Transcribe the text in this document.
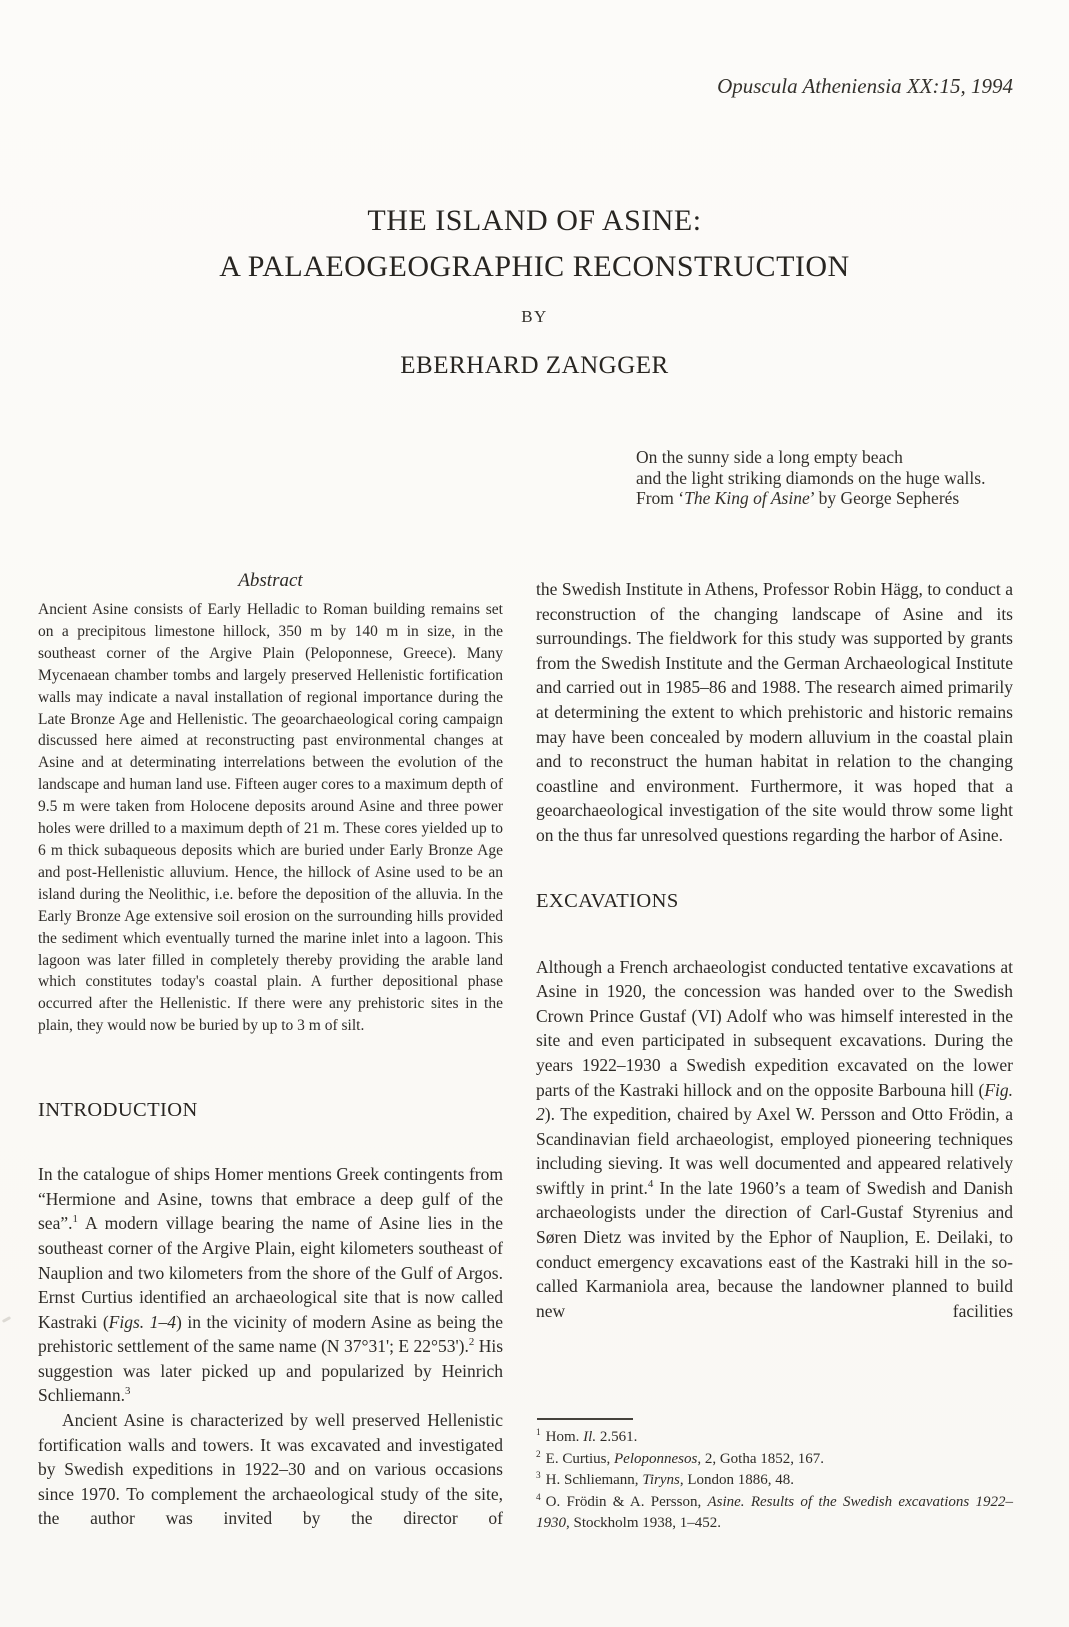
Opuscula Atheniensia XX:15, 1994
THE ISLAND OF ASINE:
A PALAEOGEOGRAPHIC RECONSTRUCTION
BY
EBERHARD ZANGGER
On the sunny side a long empty beach
and the light striking diamonds on the huge walls.
From ‘The King of Asine’ by George Sepherés
Abstract

Ancient Asine consists of Early Helladic to Roman building remains set on a precipitous limestone hillock, 350 m by 140 m in size, in the southeast corner of the Argive Plain (Peloponnese, Greece). Many Mycenaean chamber tombs and largely preserved Hellenistic fortification walls may indicate a naval installation of regional importance during the Late Bronze Age and Hellenistic. The geoarchaeological coring campaign discussed here aimed at reconstructing past environmental changes at Asine and at determinating interrelations between the evolution of the landscape and human land use. Fifteen auger cores to a maximum depth of 9.5 m were taken from Holocene deposits around Asine and three power holes were drilled to a maximum depth of 21 m. These cores yielded up to 6 m thick subaqueous deposits which are buried under Early Bronze Age and post-Hellenistic alluvium. Hence, the hillock of Asine used to be an island during the Neolithic, i.e. before the deposition of the alluvia. In the Early Bronze Age extensive soil erosion on the surrounding hills provided the sediment which eventually turned the marine inlet into a lagoon. This lagoon was later filled in completely thereby providing the arable land which constitutes today's coastal plain. A further depositional phase occurred after the Hellenistic. If there were any prehistoric sites in the plain, they would now be buried by up to 3 m of silt.

INTRODUCTION

In the catalogue of ships Homer mentions Greek contingents from “Hermione and Asine, towns that embrace a deep gulf of the sea”.$^1$ A modern village bearing the name of Asine lies in the southeast corner of the Argive Plain, eight kilometers southeast of Nauplion and two kilometers from the shore of the Gulf of Argos. Ernst Curtius identified an archaeological site that is now called Kastraki (Figs. 1–4) in the vicinity of modern Asine as being the prehistoric settlement of the same name (N 37°31'; E 22°53').$^2$ His suggestion was later picked up and popularized by Heinrich Schliemann.$^3$

Ancient Asine is characterized by well preserved Hellenistic fortification walls and towers. It was excavated and investigated by Swedish expeditions in 1922–30 and on various occasions since 1970. To complement the archaeological study of the site, the author was invited by the director of

the Swedish Institute in Athens, Professor Robin Hägg, to conduct a reconstruction of the changing landscape of Asine and its surroundings. The fieldwork for this study was supported by grants from the Swedish Institute and the German Archaeological Institute and carried out in 1985–86 and 1988. The research aimed primarily at determining the extent to which prehistoric and historic remains may have been concealed by modern alluvium in the coastal plain and to reconstruct the human habitat in relation to the changing coastline and environment. Furthermore, it was hoped that a geoarchaeological investigation of the site would throw some light on the thus far unresolved questions regarding the harbor of Asine.

EXCAVATIONS

Although a French archaeologist conducted tentative excavations at Asine in 1920, the concession was handed over to the Swedish Crown Prince Gustaf (VI) Adolf who was himself interested in the site and even participated in subsequent excavations. During the years 1922–1930 a Swedish expedition excavated on the lower parts of the Kastraki hillock and on the opposite Barbouna hill (Fig. 2). The expedition, chaired by Axel W. Persson and Otto Frödin, a Scandinavian field archaeologist, employed pioneering techniques including sieving. It was well documented and appeared relatively swiftly in print.$^4$ In the late 1960’s a team of Swedish and Danish archaeologists under the direction of Carl-Gustaf Styrenius and Søren Dietz was invited by the Ephor of Nauplion, E. Deilaki, to conduct emergency excavations east of the Kastraki hill in the so-called Karmaniola area, because the landowner planned to build new facilities

$^1$ Hom. Il. 2.561.

$^2$ E. Curtius, Peloponnesos, 2, Gotha 1852, 167.

$^3$ H. Schliemann, Tiryns, London 1886, 48.

$^4$ O. Frödin & A. Persson, Asine. Results of the Swedish excavations 1922–1930, Stockholm 1938, 1–452.
